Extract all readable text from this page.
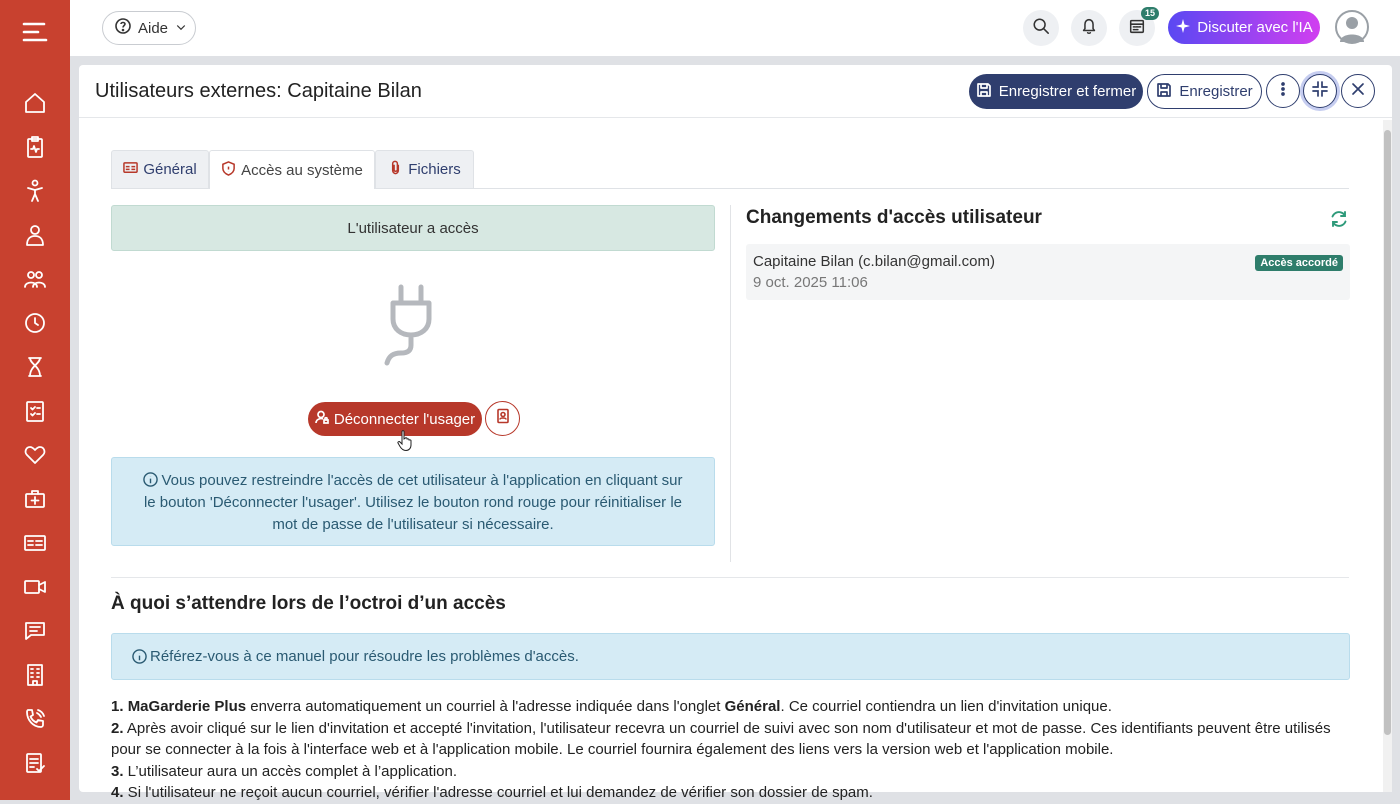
Aide
15
Discuter avec l'IA
Utilisateurs externes: Capitaine Bilan	Enregistrer et fermer	Enregistrer
Général	Accès au système	Fichiers
L'utilisateur a accès
Déconnecter l'usager
Vous pouvez restreindre l'accès de cet utilisateur à l'application en cliquant sur le bouton 'Déconnecter l'usager'. Utilisez le bouton rond rouge pour réinitialiser le mot de passe de l'utilisateur si nécessaire.
Changements d'accès utilisateur
Capitaine Bilan (c.bilan@gmail.com)
9 oct. 2025 11:06
Accès accordé
À quoi s’attendre lors de l’octroi d’un accès
Référez-vous à ce manuel pour résoudre les problèmes d'accès.
1. MaGarderie Plus enverra automatiquement un courriel à l'adresse indiquée dans l'onglet Général. Ce courriel contiendra un lien d'invitation unique.
2. Après avoir cliqué sur le lien d'invitation et accepté l'invitation, l'utilisateur recevra un courriel de suivi avec son nom d'utilisateur et mot de passe. Ces identifiants peuvent être utilisés pour se connecter à la fois à l'interface web et à l'application mobile. Le courriel fournira également des liens vers la version web et l'application mobile.
3. L’utilisateur aura un accès complet à l’application.
4. Si l'utilisateur ne reçoit aucun courriel, vérifier l'adresse courriel et lui demandez de vérifier son dossier de spam.
